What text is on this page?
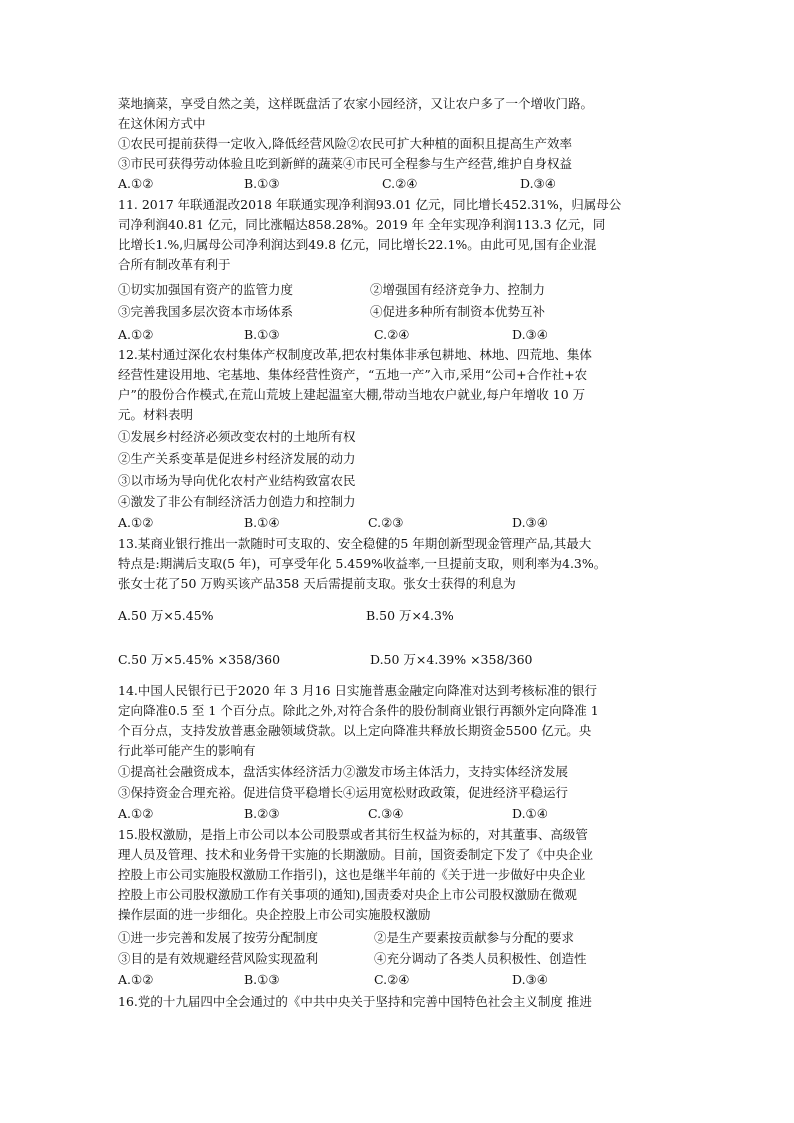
菜地摘菜，享受自然之美，这样既盘活了农家小园经济，又让农户多了一个增收门路。
在这休闲方式中
①农民可提前获得一定收入,降低经营风险②农民可扩大种植的面积且提高生产效率
③市民可获得劳动体验且吃到新鲜的蔬菜④市民可全程参与生产经营,维护自身权益
A.①②	B.①③	C.②④	D.③④
11. 2017 年联通混改2018 年联通实现净利润93.01 亿元，同比增长452.31%，归属母公
司净利润40.81 亿元，同比涨幅达858.28%。2019 年 全年实现净利润113.3 亿元，同
比增长1.%,归属母公司净利润达到49.8 亿元，同比增长22.1%。由此可见,国有企业混
合所有制改革有利于
①切实加强国有资产的监管力度	②增强国有经济竞争力、控制力
③完善我国多层次资本市场体系	④促进多种所有制资本优势互补
A.①②	B.①③	C.②④	D.③④
12.某村通过深化农村集体产权制度改革,把农村集体非承包耕地、林地、四荒地、集体
经营性建设用地、宅基地、集体经营性资产，“五地一产”入市,采用“公司+合作社+农
户”的股份合作模式,在荒山荒坡上建起温室大棚,带动当地农户就业,每户年增收 10 万
元。材料表明
①发展乡村经济必须改变农村的土地所有权
②生产关系变革是促进乡村经济发展的动力
③以市场为导向优化农村产业结构致富农民
④激发了非公有制经济活力创造力和控制力
A.①②	B.①④	C.②③	D.③④
13.某商业银行推出一款随时可支取的、安全稳健的5 年期创新型现金管理产品,其最大
特点是:期满后支取(5 年)，可享受年化 5.459%收益率,一旦提前支取，则利率为4.3%。
张女士花了50 万购买该产品358 天后需提前支取。张女士获得的利息为
A.50 万×5.45%	B.50 万×4.3%
C.50 万×5.45% ×358/360	D.50 万×4.39% ×358/360
14.中国人民银行已于2020 年 3 月16 日实施普惠金融定向降准对达到考核标准的银行
定向降准0.5 至 1 个百分点。除此之外,对符合条件的股份制商业银行再额外定向降准 1
个百分点，支持发放普惠金融领域贷款。以上定向降准共释放长期资金5500 亿元。央
行此举可能产生的影响有
①提高社会融资成本，盘活实体经济活力②激发市场主体活力，支持实体经济发展
③保持资金合理充裕。促进信贷平稳增长④运用宽松财政政策，促进经济平稳运行
A.①②	B.②③	C.③④	D.①④
15.股权激励，是指上市公司以本公司股票或者其衍生权益为标的，对其董事、高级管
理人员及管理、技术和业务骨干实施的长期激励。目前，国资委制定下发了《中央企业
控股上市公司实施股权激励工作指引)，这也是继半年前的《关于进一步做好中央企业
控股上市公司股权激励工作有关事项的通知),国责委对央企上市公司股权激励在微观
操作层面的进一步细化。央企控股上市公司实施股权激励
①进一步完善和发展了按劳分配制度	②是生产要素按贡献参与分配的要求
③目的是有效规避经营风险实现盈利	④充分调动了各类人员积极性、创造性
A.①②	B.①③	C.②④	D.③④
16.党的十九届四中全会通过的《中共中央关于坚持和完善中国特色社会主义制度 推进
